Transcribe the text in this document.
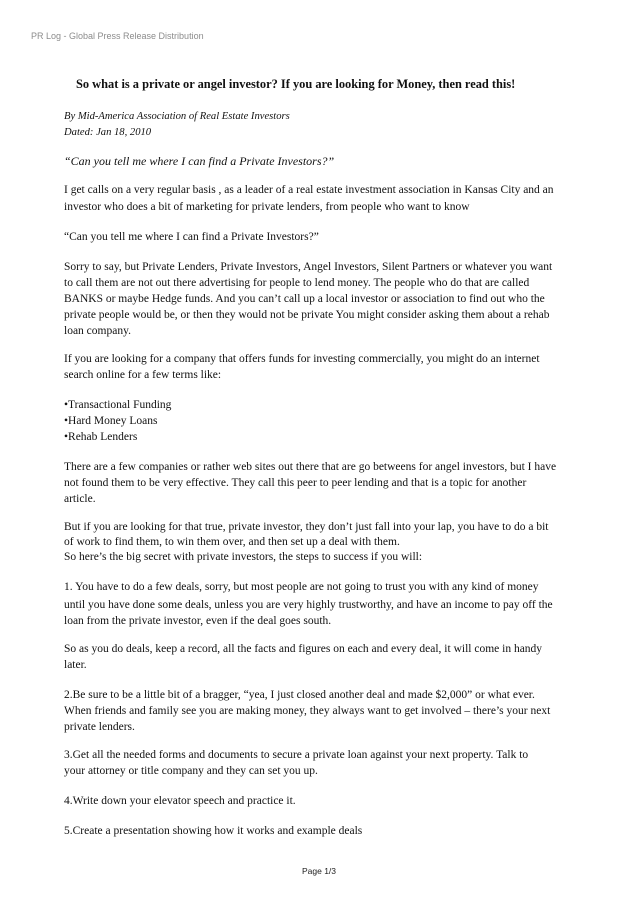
PR Log - Global Press Release Distribution
So what is a private or angel investor? If you are looking for Money, then read this!
By Mid-America Association of Real Estate Investors
Dated: Jan 18, 2010
“Can you tell me where I can find a Private Investors?”
I get calls on a very regular basis , as a leader of a real estate investment association in Kansas City and an
investor who does a bit of marketing for private lenders, from people who want to know
“Can you tell me where I can find a Private Investors?”
Sorry to say, but Private Lenders, Private Investors, Angel Investors, Silent Partners or whatever you want
to call them are not out there advertising for people to lend money. The people who do that are called
BANKS or maybe Hedge funds. And you can’t call up a local investor or association to find out who the
private people would be, or then they would not be private You might consider asking them about a rehab
loan company.
If you are looking for a company that offers funds for investing commercially, you might do an internet
search online for a few terms like:
•Transactional Funding
•Hard Money Loans
•Rehab Lenders
There are a few companies or rather web sites out there that are go betweens for angel investors, but I have
not found them to be very effective. They call this peer to peer lending and that is a topic for another
article.
But if you are looking for that true, private investor, they don’t just fall into your lap, you have to do a bit
of work to find them, to win them over, and then set up a deal with them.
So here’s the big secret with private investors, the steps to success if you will:
1. You have to do a few deals, sorry, but most people are not going to trust you with any kind of money
until you have done some deals, unless you are very highly trustworthy, and have an income to pay off the
loan from the private investor, even if the deal goes south.
So as you do deals, keep a record, all the facts and figures on each and every deal, it will come in handy
later.
2.Be sure to be a little bit of a bragger, “yea, I just closed another deal and made $2,000” or what ever.
When friends and family see you are making money, they always want to get involved – there’s your next
private lenders.
3.Get all the needed forms and documents to secure a private loan against your next property. Talk to
your attorney or title company and they can set you up.
4.Write down your elevator speech and practice it.
5.Create a presentation showing how it works and example deals
Page 1/3
